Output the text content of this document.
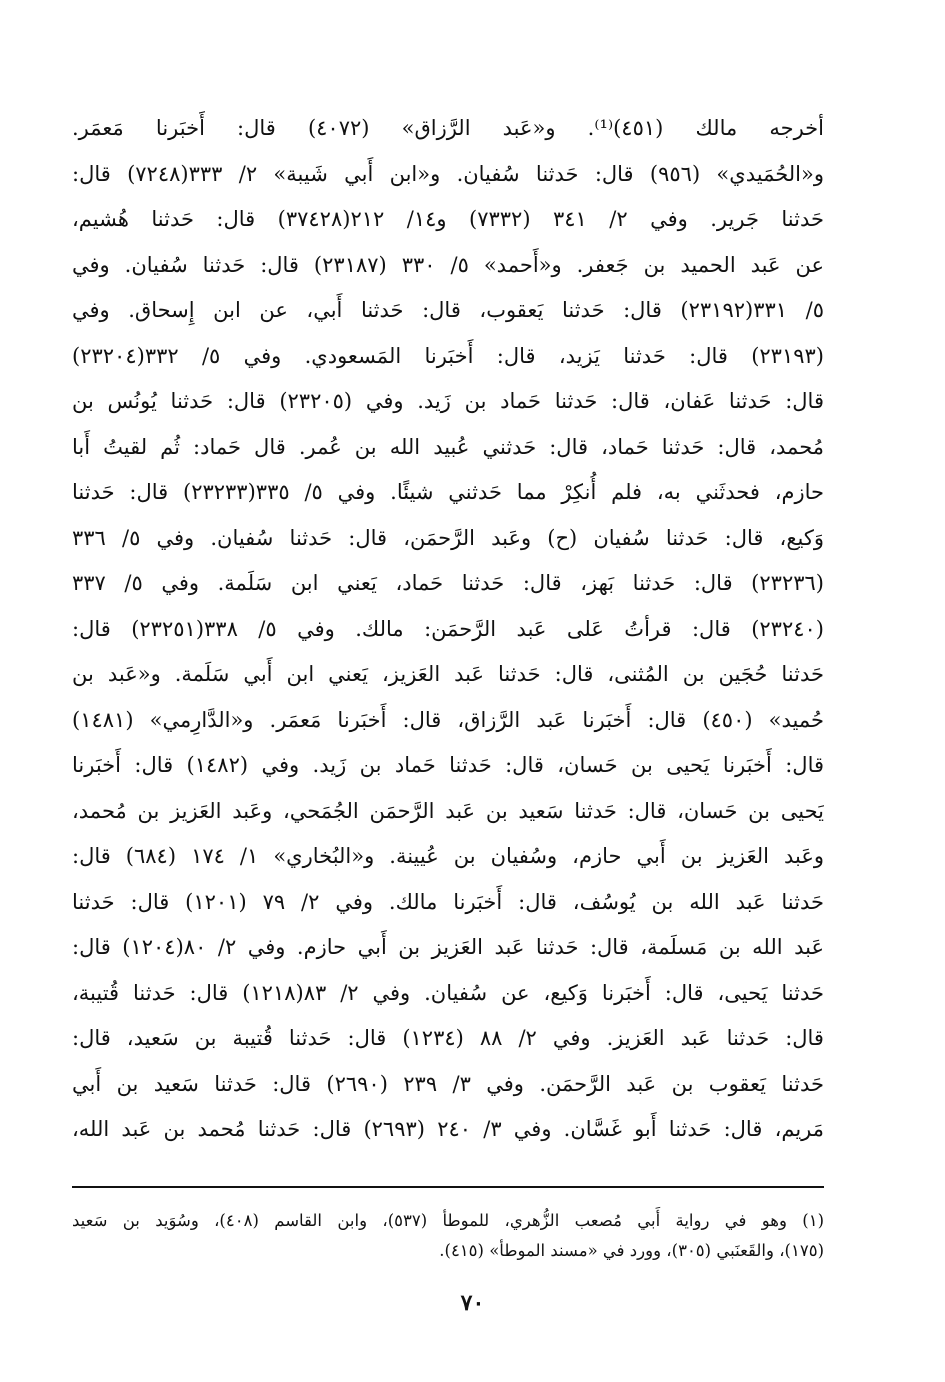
أخرجه مالك (٤٥١)⁽¹⁾. و«عَبد الرَّزاق» (٤٠٧٢) قال: أَخبَرنا مَعمَر.
و«الحُمَيدي» (٩٥٦) قال: حَدثنا سُفيان. و«ابن أَبي شَيبة» ٢/ ٣٣٣(٧٢٤٨) قال:
حَدثنا جَرير. وفي ٢/ ٣٤١ (٧٣٣٢) و١٤/ ٢١٢(٣٧٤٢٨) قال: حَدثنا هُشيم،
عن عَبد الحميد بن جَعفر. و«أَحمد» ٥/ ٣٣٠ (٢٣١٨٧) قال: حَدثنا سُفيان. وفي
٥/ ٣٣١(٢٣١٩٢) قال: حَدثنا يَعقوب، قال: حَدثنا أَبي، عن ابن إِسحاق. وفي
(٢٣١٩٣) قال: حَدثنا يَزيد، قال: أَخبَرنا المَسعودي. وفي ٥/ ٣٣٢(٢٣٢٠٤)
قال: حَدثنا عَفان، قال: حَدثنا حَماد بن زَيد. وفي (٢٣٢٠٥) قال: حَدثنا يُونُس بن
مُحمد، قال: حَدثنا حَماد، قال: حَدثني عُبيد الله بن عُمر. قال حَماد: ثُم لقيتُ أَبا
حازم، فحدثَني به، فلم أُنكِرْ مما حَدثني شيئًا. وفي ٥/ ٣٣٥(٢٣٢٣٣) قال: حَدثنا
وَكيع، قال: حَدثنا سُفيان (ح) وعَبد الرَّحمَن، قال: حَدثنا سُفيان. وفي ٥/ ٣٣٦
(٢٣٢٣٦) قال: حَدثنا بَهز، قال: حَدثنا حَماد، يَعني ابن سَلَمة. وفي ٥/ ٣٣٧
(٢٣٢٤٠) قال: قرأتُ عَلى عَبد الرَّحمَن: مالك. وفي ٥/ ٣٣٨(٢٣٢٥١) قال:
حَدثنا حُجَين بن المُثنى، قال: حَدثنا عَبد العَزيز، يَعني ابن أَبي سَلَمة. و«عَبد بن
حُميد» (٤٥٠) قال: أَخبَرنا عَبد الرَّزاق، قال: أَخبَرنا مَعمَر. و«الدَّارِمي» (١٤٨١)
قال: أَخبَرنا يَحيى بن حَسان، قال: حَدثنا حَماد بن زَيد. وفي (١٤٨٢) قال: أَخبَرنا
يَحيى بن حَسان، قال: حَدثنا سَعيد بن عَبد الرَّحمَن الجُمَحي، وعَبد العَزيز بن مُحمد،
وعَبد العَزيز بن أَبي حازم، وسُفيان بن عُيينة. و«البُخاري» ١/ ١٧٤ (٦٨٤) قال:
حَدثنا عَبد الله بن يُوسُف، قال: أَخبَرنا مالك. وفي ٢/ ٧٩ (١٢٠١) قال: حَدثنا
عَبد الله بن مَسلَمة، قال: حَدثنا عَبد العَزيز بن أَبي حازم. وفي ٢/ ٨٠(١٢٠٤) قال:
حَدثنا يَحيى، قال: أَخبَرنا وَكيع، عن سُفيان. وفي ٢/ ٨٣(١٢١٨) قال: حَدثنا قُتيبة،
قال: حَدثنا عَبد العَزيز. وفي ٢/ ٨٨ (١٢٣٤) قال: حَدثنا قُتيبة بن سَعيد، قال:
حَدثنا يَعقوب بن عَبد الرَّحمَن. وفي ٣/ ٢٣٩ (٢٦٩٠) قال: حَدثنا سَعيد بن أَبي
مَريم، قال: حَدثنا أَبو غَسَّان. وفي ٣/ ٢٤٠ (٢٦٩٣) قال: حَدثنا مُحمد بن عَبد الله،
(١) وهو في رواية أَبي مُصعب الزُّهري، للموطأ (٥٣٧)، وابن القاسم (٤٠٨)، وسُوَيد بن سَعيد
(١٧٥)، والقَعنَبي (٣٠٥)، وورد في «مسند الموطأ» (٤١٥).
٧٠
